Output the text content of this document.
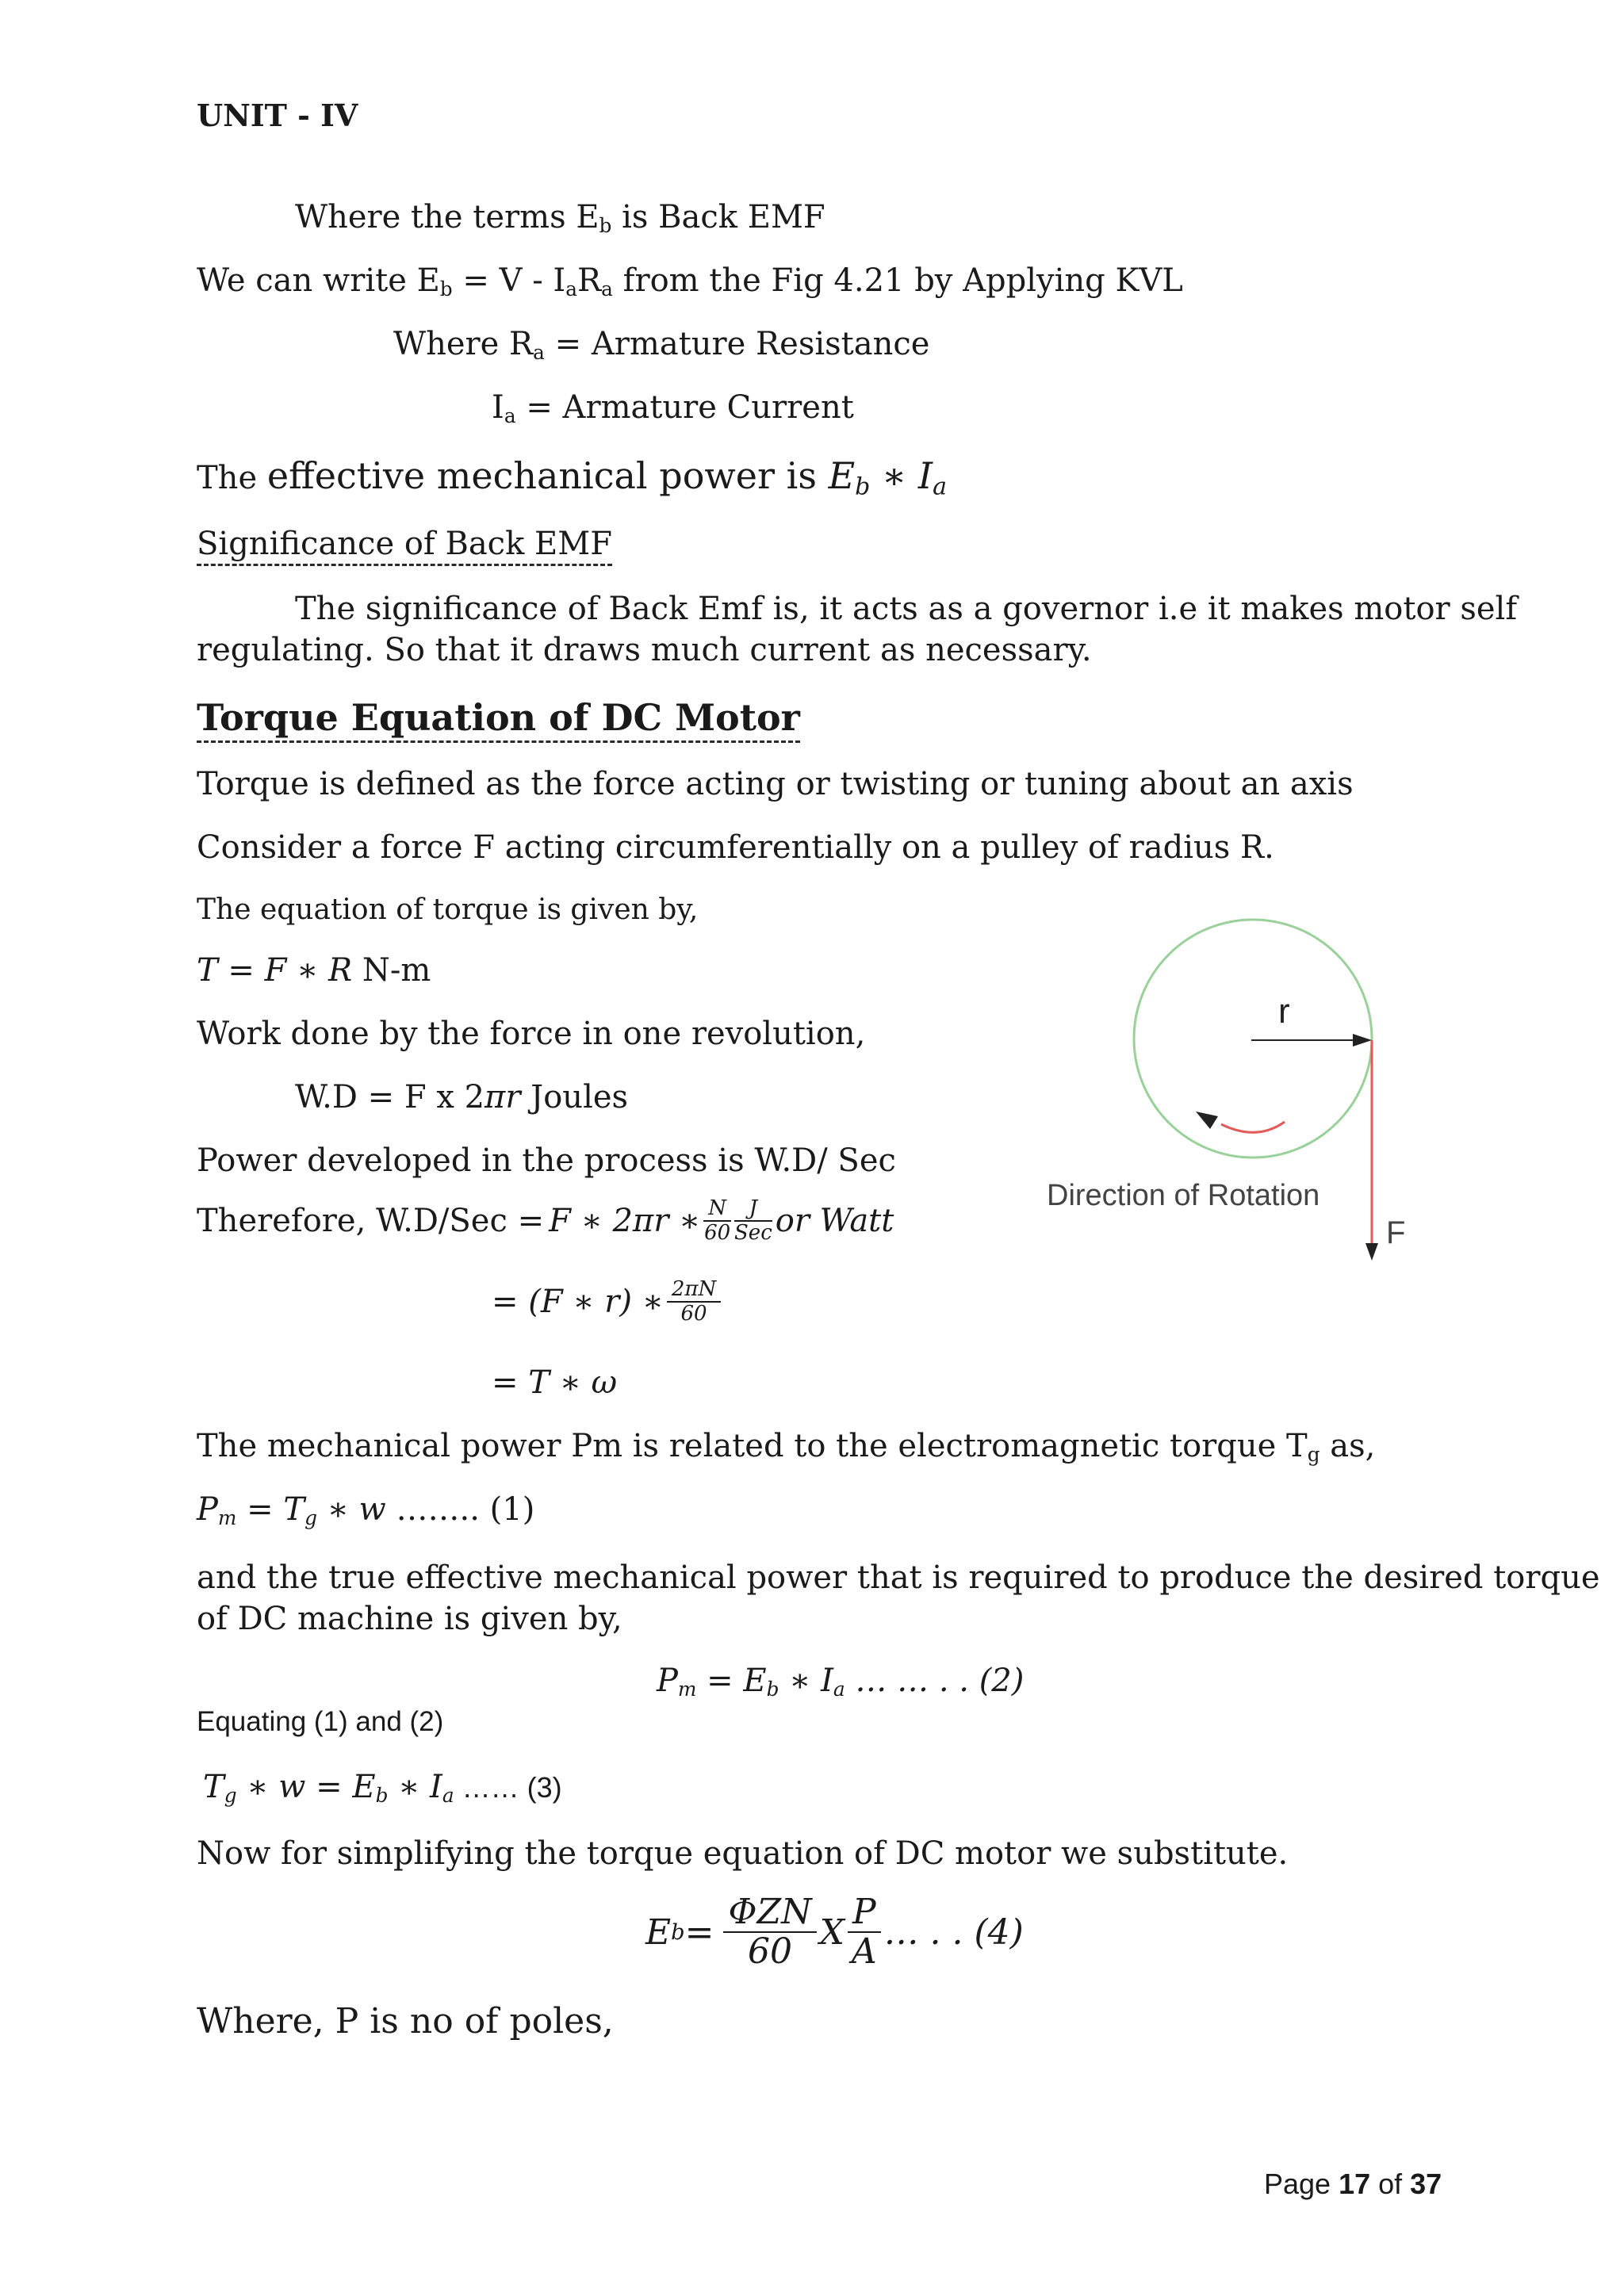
UNIT - IV
Where the terms $E_b$ is Back EMF
We can write $E_b = V - I_aR_a$ from the Fig 4.21 by Applying KVL
Where $R_a$ = Armature Resistance
$I_a$ = Armature Current
The effective mechanical power is $E_b$ ∗ $I_a$
Significance of Back EMF
The significance of Back Emf is, it acts as a governor i.e it makes motor self
regulating. So that it draws much current as necessary.
Torque Equation of DC Motor
Torque is defined as the force acting or twisting or tuning about an axis
Consider a force F acting circumferentially on a pulley of radius R.
The equation of torque is given by,
T = F ∗ R N-m
Work done by the force in one revolution,
W.D = F x 2πr Joules
Power developed in the process is W.D/ Sec
Therefore, W.D/Sec = F ∗ 2πr ∗ $\frac{N}{60} \frac{J}{\text{Sec}}$ or Watt
= (F ∗ r) ∗ $\frac{2\pi N}{60}$
= T ∗ ω
The mechanical power Pm is related to the electromagnetic torque $T_g$ as,
$P_m = T_g$ ∗ w …….. (1)
and the true effective mechanical power that is required to produce the desired torque
of DC machine is given by,
$P_m = E_b$ ∗ $I_a$ … … . . (2)
Equating (1) and (2)
$T_g$ ∗ $w = E_b$ ∗ $I_a$ …… (3)
Now for simplifying the torque equation of DC motor we substitute.
E $b = \frac{\text{ΦZN}}{60}$ X $\frac{P}{A}$ … . . (4)
Where, P is no of poles,
r
F
Direction of Rotation
Page 17 of 37
